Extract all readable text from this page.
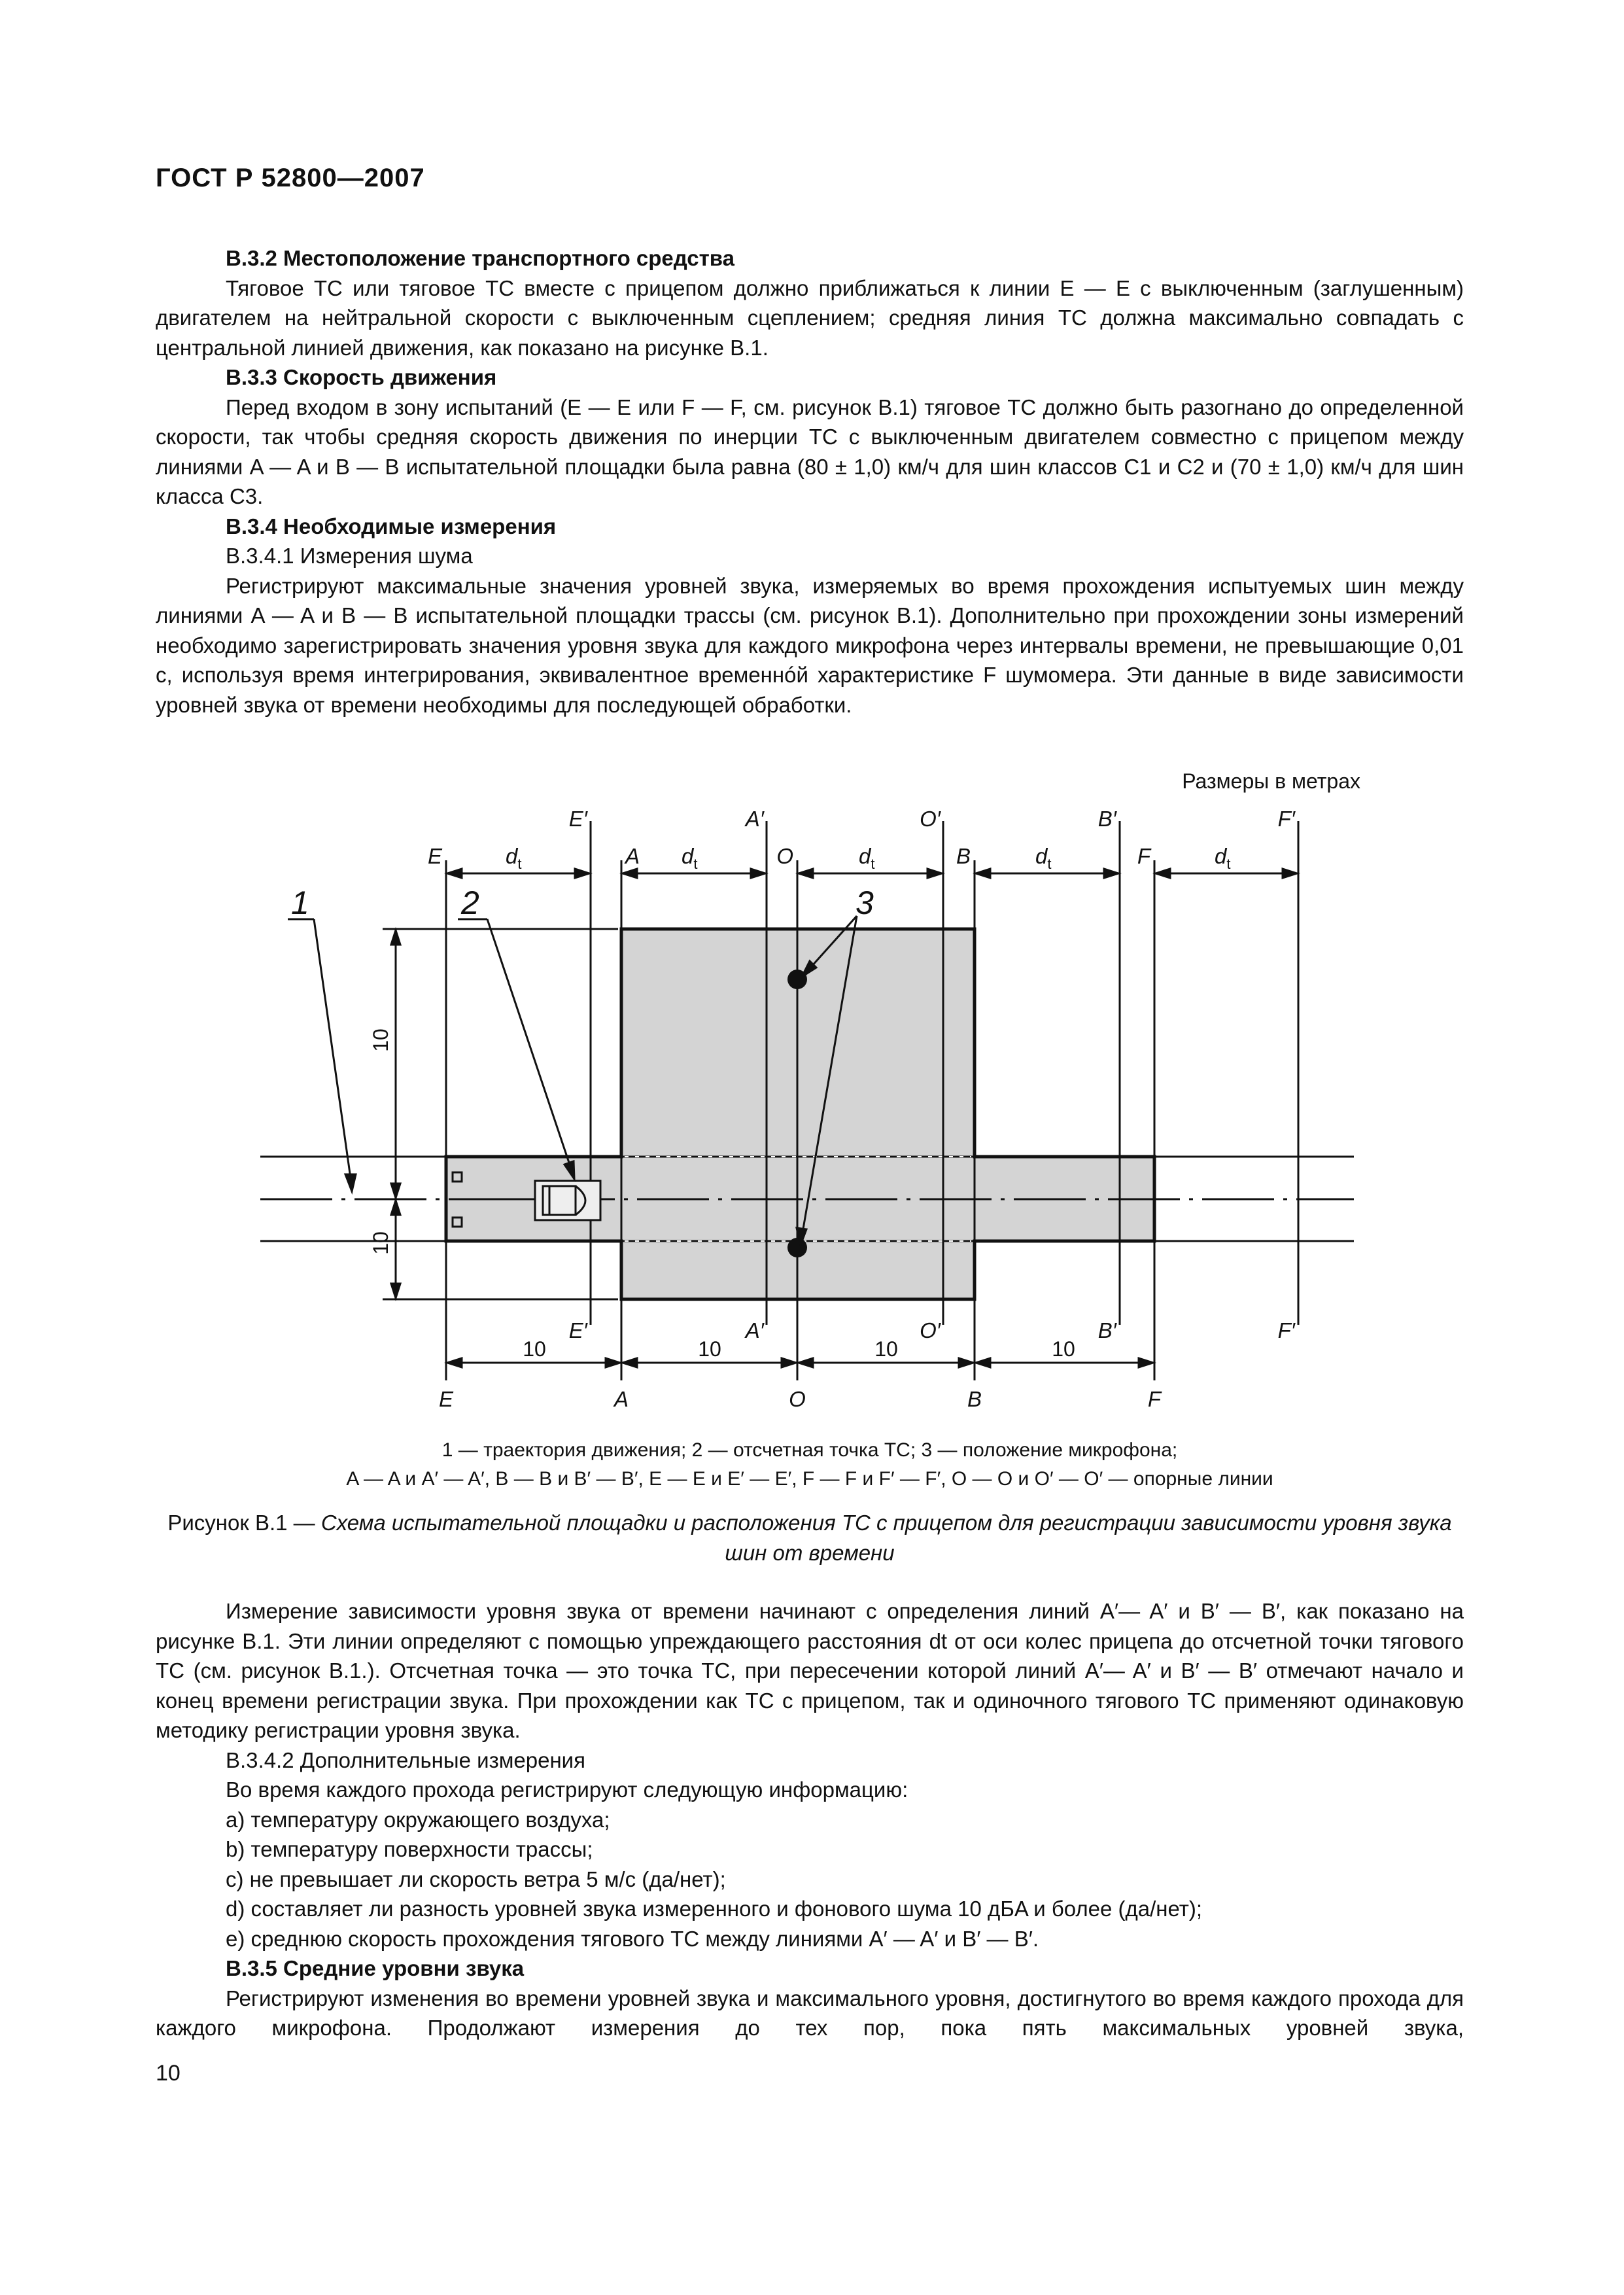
ГОСТ Р 52800—2007

В.3.2 Местоположение транспортного средства

Тяговое ТС или тяговое ТС вместе с прицепом должно приближаться к линии E — E с выключенным (заглушенным) двигателем на нейтральной скорости с выключенным сцеплением; средняя линия ТС должна максимально совпадать с центральной линией движения, как показано на рисунке В.1.

В.3.3 Скорость движения

Перед входом в зону испытаний (E — E или F — F, см. рисунок В.1) тяговое ТС должно быть разогнано до определенной скорости, так чтобы средняя скорость движения по инерции ТС с выключенным двигателем совместно с прицепом между линиями A — A и B — B испытательной площадки была равна (80 ± 1,0) км/ч для шин классов С1 и С2 и (70 ± 1,0) км/ч для шин класса С3.

В.3.4 Необходимые измерения

В.3.4.1 Измерения шума

Регистрируют максимальные значения уровней звука, измеряемых во время прохождения испытуемых шин между линиями A — A и B — B испытательной площадки трассы (см. рисунок В.1). Дополнительно при прохождении зоны измерений необходимо зарегистрировать значения уровня звука для каждого микрофона через интервалы времени, не превышающие 0,01 с, используя время интегрирования, эквивалентное временнóй характеристике F шумомера. Эти данные в виде зависимости уровней звука от времени необходимы для последующей обработки.

Размеры в метрах
E′	A′	O′	B′	F′
E	A	O	B	F
$d_t$	$d_t$	$d_t$	$d_t$	$d_t$
1	2	3
10
10
10	10	10	10
E′	A′	O′	B′	F′
E	A	O	B	F
1 — траектория движения; 2 — отсчетная точка ТС; 3 — положение микрофона;
A — A и A′ — A′, B — B и B′ — B′, E — E и E′ — E′, F — F и F′ — F′, O — O и O′ — O′ — опорные линии
Рисунок В.1 — Схема испытательной площадки и расположения ТС с прицепом для регистрации зависимости уровня звука шин от времени

Измерение зависимости уровня звука от времени начинают с определения линий A′— A′ и B′ — B′, как показано на рисунке В.1. Эти линии определяют с помощью упреждающего расстояния dt от оси колес прицепа до отсчетной точки тягового ТС (см. рисунок В.1.). Отсчетная точка — это точка ТС, при пересечении которой линий A′— A′ и B′ — B′ отмечают начало и конец времени регистрации звука. При прохождении как ТС с прицепом, так и одиночного тягового ТС применяют одинаковую методику регистрации уровня звука.

В.3.4.2 Дополнительные измерения

Во время каждого прохода регистрируют следующую информацию:

a) температуру окружающего воздуха;

b) температуру поверхности трассы;

c) не превышает ли скорость ветра 5 м/с (да/нет);

d) составляет ли разность уровней звука измеренного и фонового шума 10 дБA и более (да/нет);

e) среднюю скорость прохождения тягового ТС между линиями A′ — A′ и B′ — B′.

В.3.5 Средние уровни звука

Регистрируют изменения во времени уровней звука и максимального уровня, достигнутого во время каждого прохода для каждого микрофона. Продолжают измерения до тех пор, пока пять максимальных уровней звука,

10
